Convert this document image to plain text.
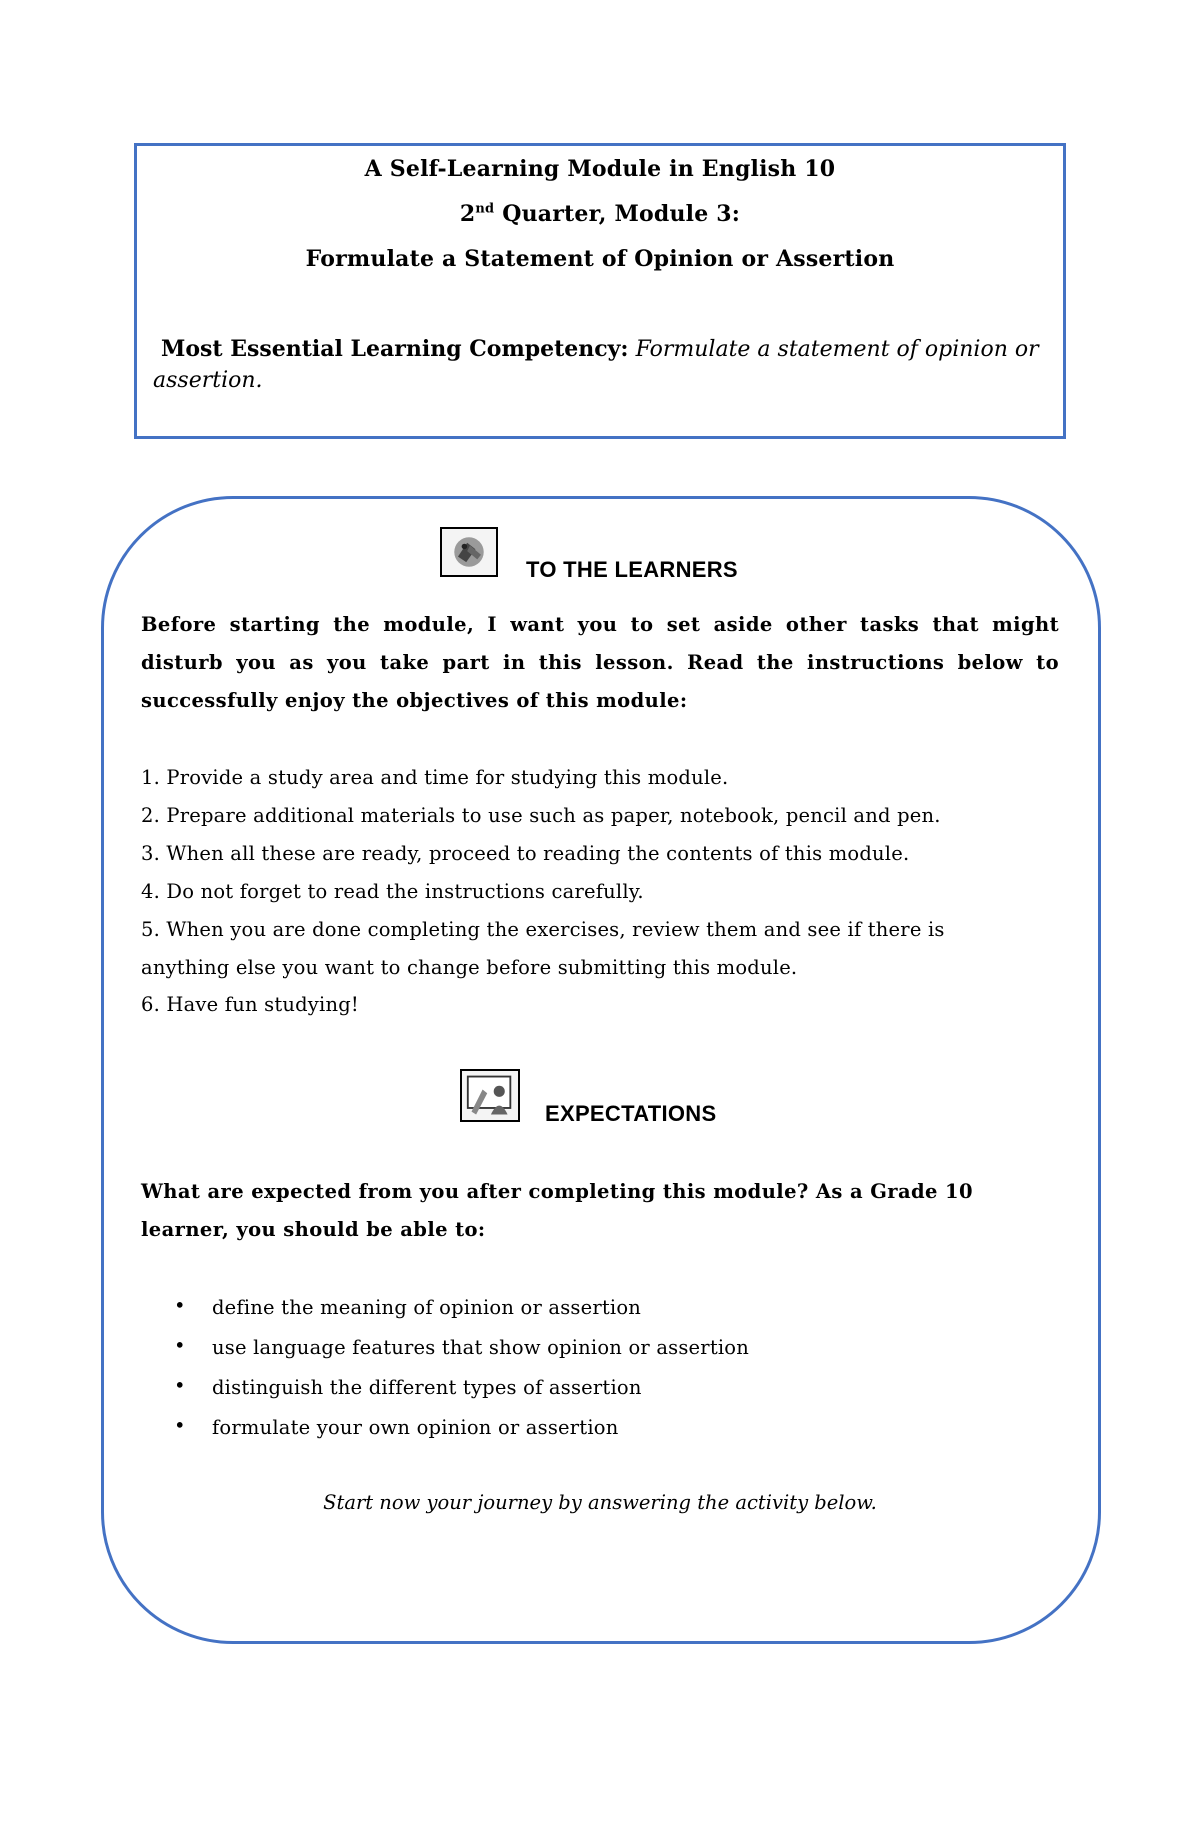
A Self-Learning Module in English 10
2nd Quarter, Module 3:
Formulate a Statement of Opinion or Assertion
Most Essential Learning Competency: Formulate a statement of opinion or assertion.
TO THE LEARNERS
Before starting the module, I want you to set aside other tasks that might
disturb you as you take part in this lesson. Read the instructions below to
successfully enjoy the objectives of this module:
1. Provide a study area and time for studying this module.
2. Prepare additional materials to use such as paper, notebook, pencil and pen.
3. When all these are ready, proceed to reading the contents of this module.
4. Do not forget to read the instructions carefully.
5. When you are done completing the exercises, review them and see if there is
anything else you want to change before submitting this module.
6. Have fun studying!
EXPECTATIONS
What are expected from you after completing this module? As a Grade 10
learner, you should be able to:
• define the meaning of opinion or assertion
• use language features that show opinion or assertion
• distinguish the different types of assertion
• formulate your own opinion or assertion
Start now your journey by answering the activity below.
